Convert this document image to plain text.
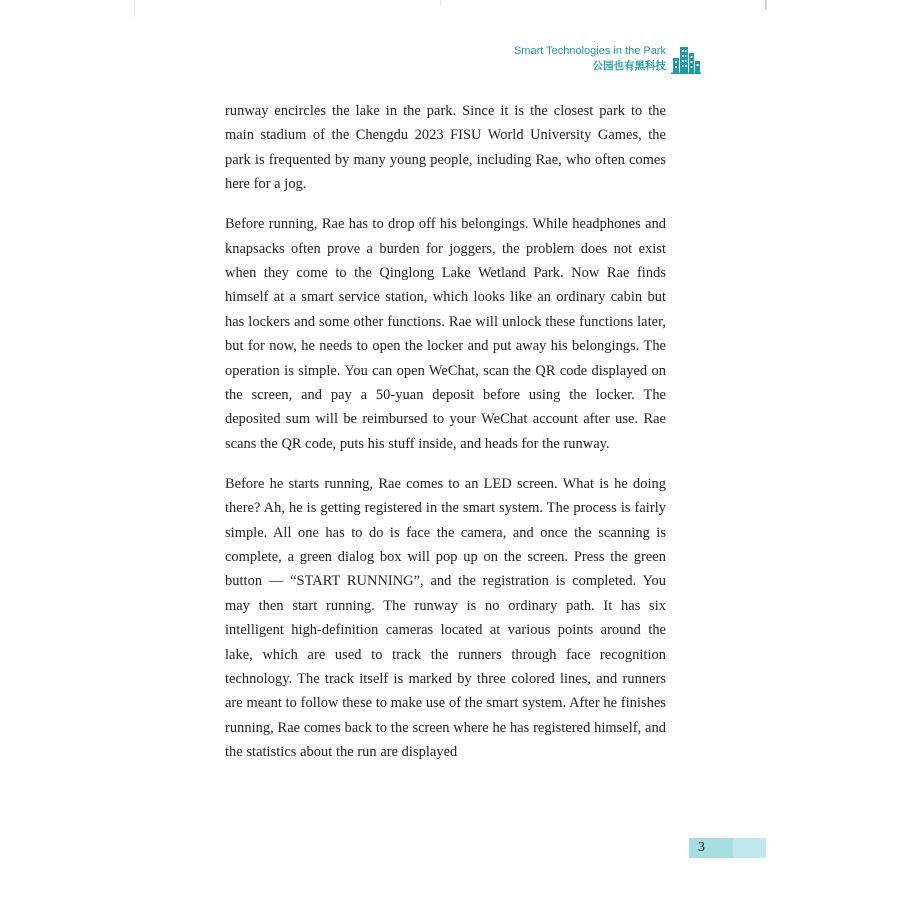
Smart Technologies in the Park
公园也有黑科技

runway encircles the lake in the park. Since it is the closest park to the main stadium of the Chengdu 2023 FISU World University Games, the park is frequented by many young people, including Rae, who often comes here for a jog.

Before running, Rae has to drop off his belongings. While headphones and knapsacks often prove a burden for joggers, the problem does not exist when they come to the Qinglong Lake Wetland Park. Now Rae finds himself at a smart service station, which looks like an ordinary cabin but has lockers and some other functions. Rae will unlock these functions later, but for now, he needs to open the locker and put away his belongings. The operation is simple. You can open WeChat, scan the QR code displayed on the screen, and pay a 50-yuan deposit before using the locker. The deposited sum will be reimbursed to your WeChat account after use. Rae scans the QR code, puts his stuff inside, and heads for the runway.

Before he starts running, Rae comes to an LED screen. What is he doing there? Ah, he is getting registered in the smart system. The process is fairly simple. All one has to do is face the camera, and once the scanning is complete, a green dialog box will pop up on the screen. Press the green button — “START RUNNING”, and the registration is completed. You may then start running. The runway is no ordinary path. It has six intelligent high-definition cameras located at various points around the lake, which are used to track the runners through face recognition technology. The track itself is marked by three colored lines, and runners are meant to follow these to make use of the smart system. After he finishes running, Rae comes back to the screen where he has registered himself, and the statistics about the run are displayed

3
